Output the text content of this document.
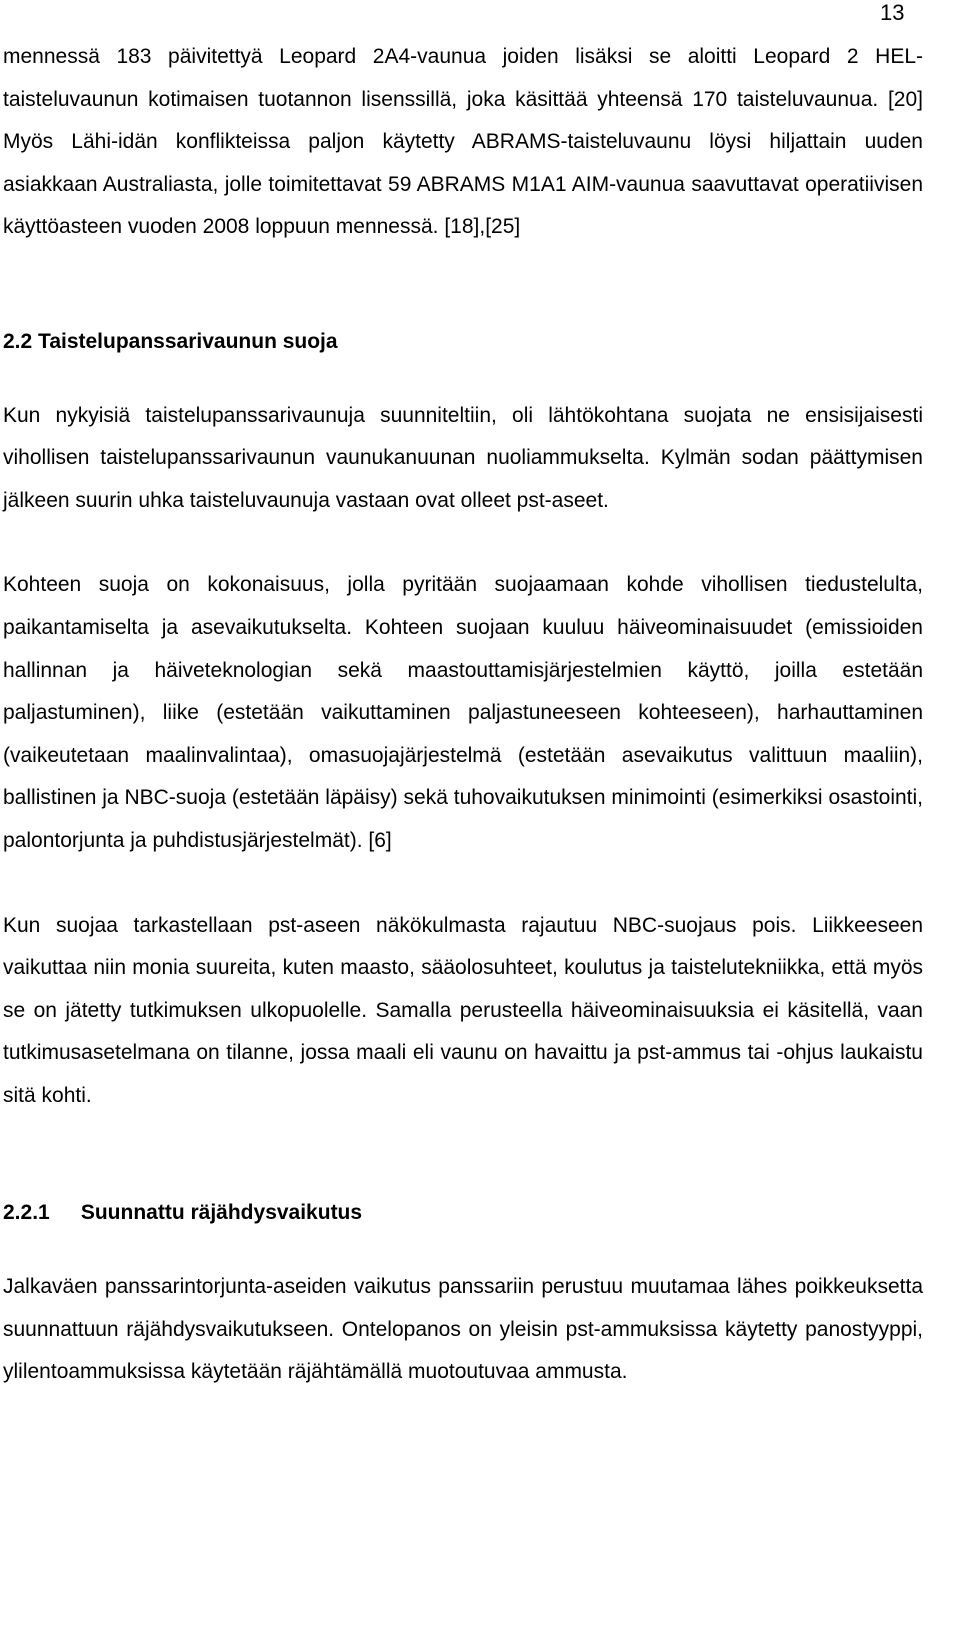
13

mennessä 183 päivitettyä Leopard 2A4-vaunua joiden lisäksi se aloitti Leopard 2 HEL-taisteluvaunun kotimaisen tuotannon lisenssillä, joka käsittää yhteensä 170 taisteluvaunua. [20] Myös Lähi-idän konflikteissa paljon käytetty ABRAMS-taisteluvaunu löysi hiljattain uuden asiakkaan Australiasta, jolle toimitettavat 59 ABRAMS M1A1 AIM-vaunua saavuttavat operatiivisen käyttöasteen vuoden 2008 loppuun mennessä. [18],[25]

2.2 Taistelupanssarivaunun suoja

Kun nykyisiä taistelupanssarivaunuja suunniteltiin, oli lähtökohtana suojata ne ensisijaisesti vihollisen taistelupanssarivaunun vaunukanuunan nuoliammukselta. Kylmän sodan päättymisen jälkeen suurin uhka taisteluvaunuja vastaan ovat olleet pst-aseet.

Kohteen suoja on kokonaisuus, jolla pyritään suojaamaan kohde vihollisen tiedustelulta, paikantamiselta ja asevaikutukselta. Kohteen suojaan kuuluu häiveominaisuudet (emissioiden hallinnan ja häiveteknologian sekä maastouttamisjärjestelmien käyttö, joilla estetään paljastuminen), liike (estetään vaikuttaminen paljastuneeseen kohteeseen), harhauttaminen (vaikeutetaan maalinvalintaa), omasuojajärjestelmä (estetään asevaikutus valittuun maaliin), ballistinen ja NBC-suoja (estetään läpäisy) sekä tuhovaikutuksen minimointi (esimerkiksi osastointi, palontorjunta ja puhdistusjärjestelmät). [6]

Kun suojaa tarkastellaan pst-aseen näkökulmasta rajautuu NBC-suojaus pois. Liikkeeseen vaikuttaa niin monia suureita, kuten maasto, sääolosuhteet, koulutus ja taistelutekniikka, että myös se on jätetty tutkimuksen ulkopuolelle. Samalla perusteella häiveominaisuuksia ei käsitellä, vaan tutkimusasetelmana on tilanne, jossa maali eli vaunu on havaittu ja pst-ammus tai -ohjus laukaistu sitä kohti.

2.2.1 Suunnattu räjähdysvaikutus

Jalkaväen panssarintorjunta-aseiden vaikutus panssariin perustuu muutamaa lähes poikkeuksetta suunnattuun räjähdysvaikutukseen. Ontelopanos on yleisin pst-ammuksissa käytetty panostyyppi, ylilentoammuksissa käytetään räjähtämällä muotoutuvaa ammusta.
